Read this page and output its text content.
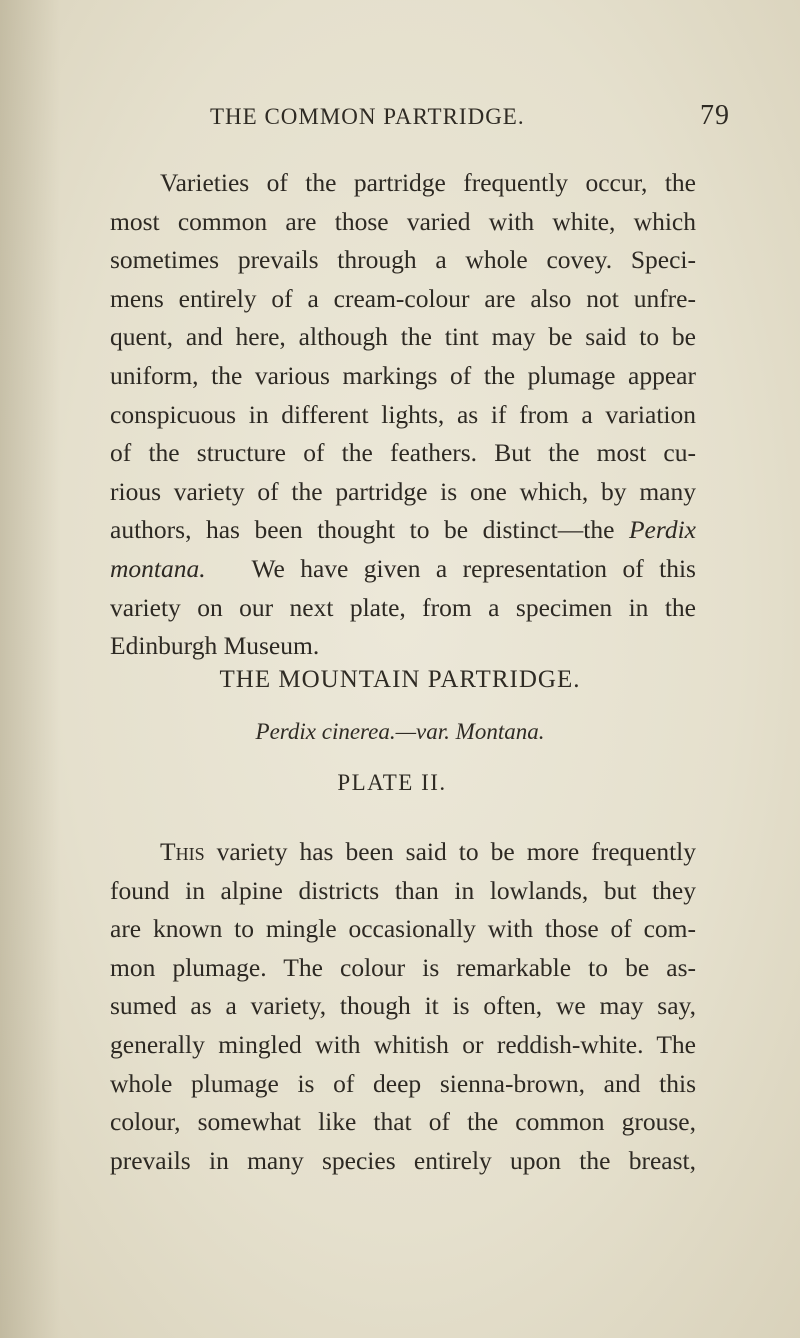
THE COMMON PARTRIDGE.	79
Varieties of the partridge frequently occur, the
most common are those varied with white, which
sometimes prevails through a whole covey. Speci-
mens entirely of a cream-colour are also not unfre-
quent, and here, although the tint may be said to be
uniform, the various markings of the plumage appear
conspicuous in different lights, as if from a variation
of the structure of the feathers. But the most cu-
rious variety of the partridge is one which, by many
authors, has been thought to be distinct—the Perdix
montana. We have given a representation of this
variety on our next plate, from a specimen in the
Edinburgh Museum.
THE MOUNTAIN PARTRIDGE.
Perdix cinerea.—var. Montana.
PLATE II.
This variety has been said to be more frequently
found in alpine districts than in lowlands, but they
are known to mingle occasionally with those of com-
mon plumage. The colour is remarkable to be as-
sumed as a variety, though it is often, we may say,
generally mingled with whitish or reddish-white. The
whole plumage is of deep sienna-brown, and this
colour, somewhat like that of the common grouse,
prevails in many species entirely upon the breast,
